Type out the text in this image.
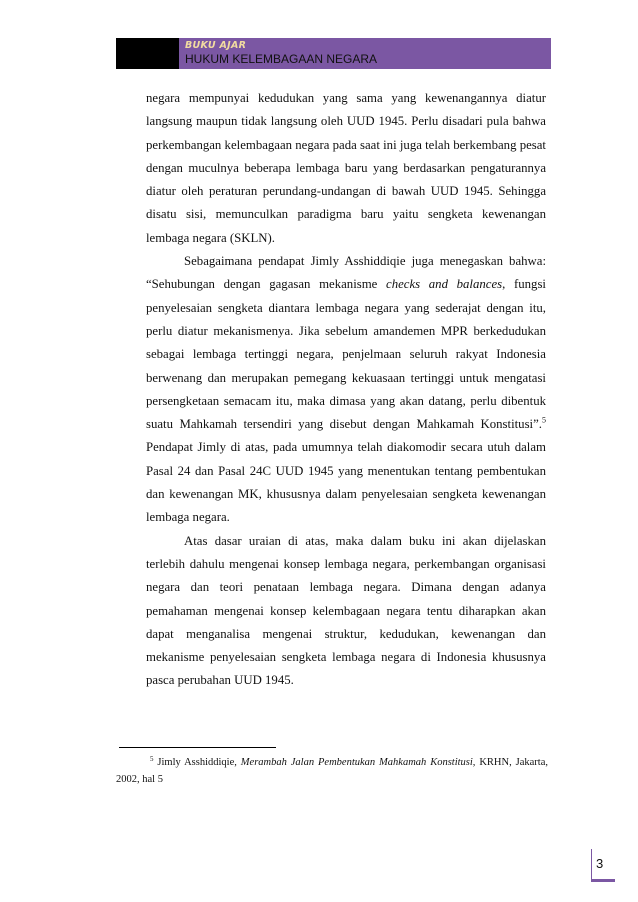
BUKU AJAR
HUKUM KELEMBAGAAN NEGARA

negara mempunyai kedudukan yang sama yang kewenangannya diatur langsung maupun tidak langsung oleh UUD 1945. Perlu disadari pula bahwa perkembangan kelembagaan negara pada saat ini juga telah berkembang pesat dengan muculnya beberapa lembaga baru yang berdasarkan pengaturannya diatur oleh peraturan perundang-undangan di bawah UUD 1945. Sehingga disatu sisi, memunculkan paradigma baru yaitu sengketa kewenangan lembaga negara (SKLN).

Sebagaimana pendapat Jimly Asshiddiqie juga menegaskan bahwa: “Sehubungan dengan gagasan mekanisme checks and balances, fungsi penyelesaian sengketa diantara lembaga negara yang sederajat dengan itu, perlu diatur mekanismenya. Jika sebelum amandemen MPR berkedudukan sebagai lembaga tertinggi negara, penjelmaan seluruh rakyat Indonesia berwenang dan merupakan pemegang kekuasaan tertinggi untuk mengatasi persengketaan semacam itu, maka dimasa yang akan datang, perlu dibentuk suatu Mahkamah tersendiri yang disebut dengan Mahkamah Konstitusi”.$^5$ Pendapat Jimly di atas, pada umumnya telah diakomodir secara utuh dalam Pasal 24 dan Pasal 24C UUD 1945 yang menentukan tentang pembentukan dan kewenangan MK, khususnya dalam penyelesaian sengketa kewenangan lembaga negara.

Atas dasar uraian di atas, maka dalam buku ini akan dijelaskan terlebih dahulu mengenai konsep lembaga negara, perkembangan organisasi negara dan teori penataan lembaga negara. Dimana dengan adanya pemahaman mengenai konsep kelembagaan negara tentu diharapkan akan dapat menganalisa mengenai struktur, kedudukan, kewenangan dan mekanisme penyelesaian sengketa lembaga negara di Indonesia khususnya pasca perubahan UUD 1945.

$^5$ Jimly Asshiddiqie, Merambah Jalan Pembentukan Mahkamah Konstitusi, KRHN, Jakarta, 2002, hal 5
3
